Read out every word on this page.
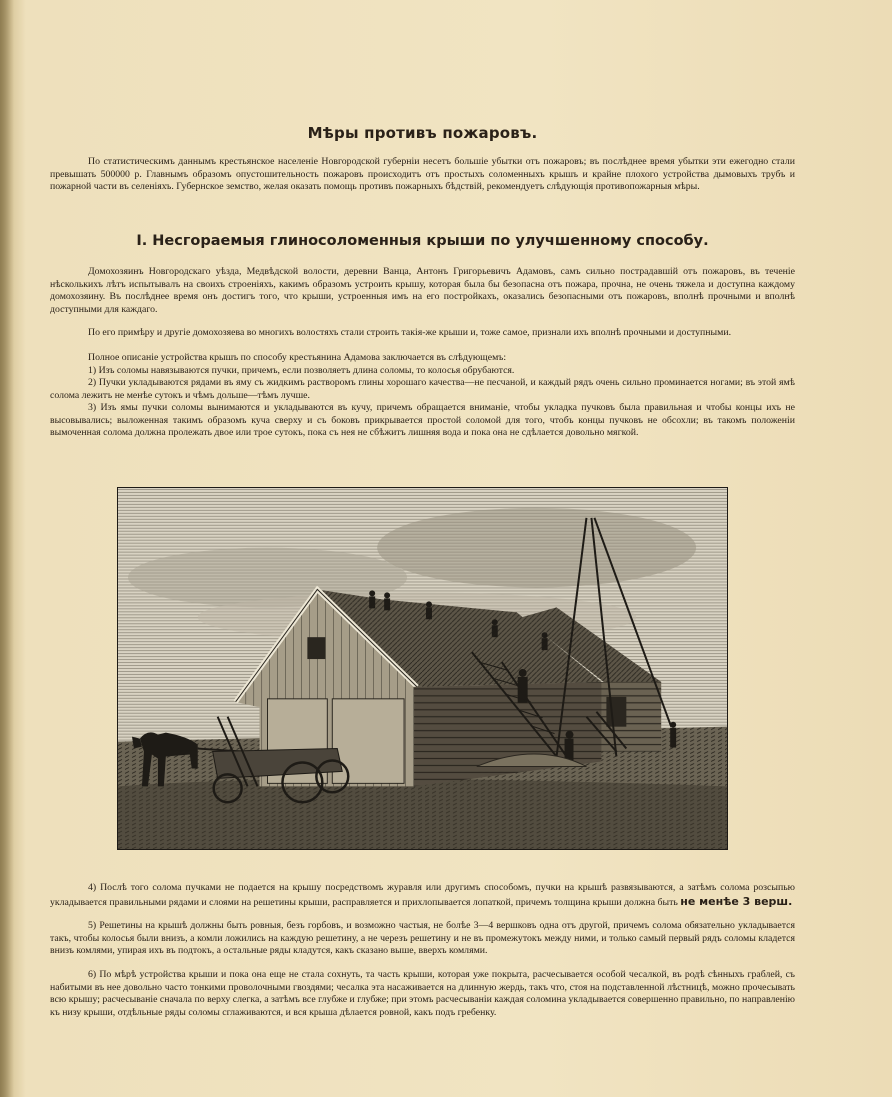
Мѣры противъ пожаровъ.

По статистическимъ даннымъ крестьянское населеніе Новгородской губерніи несетъ большіе убытки отъ пожаровъ; въ послѣднее время убытки эти ежегодно стали превышать 500000 р. Главнымъ образомъ опустошительность пожаровъ происходитъ отъ простыхъ соломенныхъ крышъ и крайне плохого устройства дымовыхъ трубъ и пожарной части въ селеніяхъ. Губернское земство, желая оказать помощь противъ пожарныхъ бѣдствій, рекомендуетъ слѣдующія противопожарныя мѣры.

I. Несгораемыя глиносоломенныя крыши по улучшенному способу.

Домохозяинъ Новгородскаго уѣзда, Медвѣдской волости, деревни Ванца, Антонъ Григорьевичъ Адамовъ, самъ сильно пострадавшій отъ пожаровъ, въ теченіе нѣсколькихъ лѣтъ испытывалъ на своихъ строеніяхъ, какимъ образомъ устроить крышу, которая была бы безопасна отъ пожара, прочна, не очень тяжела и доступна каждому домохозяину. Въ послѣднее время онъ достигъ того, что крыши, устроенныя имъ на его постройкахъ, оказались безопасными отъ пожаровъ, вполнѣ прочными и вполнѣ доступными для каждаго.

По его примѣру и другіе домохозяева во многихъ волостяхъ стали строить такія-же крыши и, тоже самое, признали ихъ вполнѣ прочными и доступными.

Полное описаніе устройства крышъ по способу крестьянина Адамова заключается въ слѣдующемъ:

1) Изъ соломы навязываются пучки, причемъ, если позволяетъ длина соломы, то колосья обрубаются.

2) Пучки укладываются рядами въ яму съ жидкимъ растворомъ глины хорошаго качества—не песчаной, и каждый рядъ очень сильно проминается ногами; въ этой ямѣ солома лежитъ не менѣе сутокъ и чѣмъ дольше—тѣмъ лучше.

3) Изъ ямы пучки соломы вынимаются и укладываются въ кучу, причемъ обращается вниманіе, чтобы укладка пучковъ была правильная и чтобы концы ихъ не высовывались; выложенная такимъ образомъ куча сверху и съ боковъ прикрывается простой соломой для того, чтобъ концы пучковъ не обсохли; въ такомъ положеніи вымоченная солома должна пролежать двое или трое сутокъ, пока съ нея не сбѣжитъ лишняя вода и пока она не сдѣлается довольно мягкой.

4) Послѣ того солома пучками не подается на крышу посредствомъ журавля или другимъ способомъ, пучки на крышѣ развязываются, а затѣмъ солома розсыпью укладывается правильными рядами и слоями на решетины крыши, расправляется и прихлопывается лопаткой, причемъ толщина крыши должна быть не менѣе 3 верш.

5) Решетины на крышѣ должны быть ровныя, безъ горбовъ, и возможно частыя, не болѣе 3—4 вершковъ одна отъ другой, причемъ солома обязательно укладывается такъ, чтобы колосья были внизъ, а комли ложились на каждую решетину, а не черезъ решетину и не въ промежутокъ между ними, и только самый первый рядъ соломы кладется внизъ комлями, упирая ихъ въ подтокъ, а остальные ряды кладутся, какъ сказано выше, вверхъ комлями.

6) По мѣрѣ устройства крыши и пока она еще не стала сохнуть, та часть крыши, которая уже покрыта, расчесывается особой чесалкой, въ родѣ сѣнныхъ граблей, съ набитыми въ нее довольно часто тонкими проволочными гвоздями; чесалка эта насаживается на длинную жердь, такъ что, стоя на подставленной лѣстницѣ, можно прочесывать всю крышу; расчесываніе сначала по верху слегка, а затѣмъ все глубже и глубже; при этомъ расчесываніи каждая соломина укладывается совершенно правильно, по направленію къ низу крыши, отдѣльные ряды соломы сглаживаются, и вся крыша дѣлается ровной, какъ подъ гребенку.
